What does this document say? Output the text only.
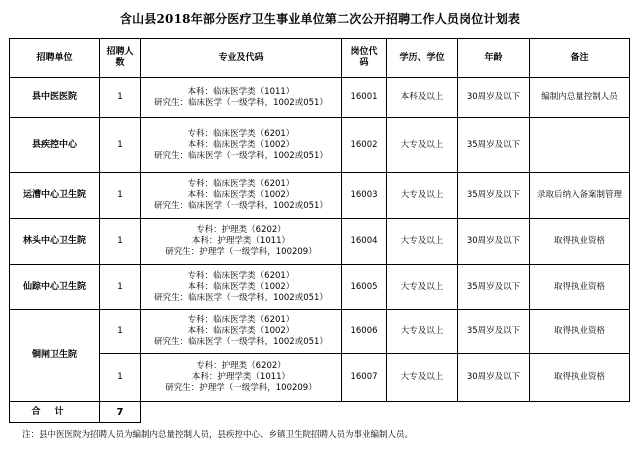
含山县2018年部分医疗卫生事业单位第二次公开招聘工作人员岗位计划表
招聘单位	招聘人数	专业及代码	岗位代码	学历、学位	年龄	备注
县中医医院	1	本科：临床医学类（1011）
研究生：临床医学（一级学科，1002或051）	16001	本科及以上	30周岁及以下	编制内总量控制人员
县疾控中心	1	专科：临床医学类（6201）
本科：临床医学类（1002）
研究生：临床医学（一级学科，1002或051）	16002	大专及以上	35周岁及以下	
运漕中心卫生院	1	专科：临床医学类（6201）
本科：临床医学类（1002）
研究生：临床医学（一级学科，1002或051）	16003	大专及以上	35周岁及以下	录取后纳入备案制管理
林头中心卫生院	1	专科：护理类（6202）
本科：护理学类（1011）
研究生：护理学（一级学科，100209）	16004	大专及以上	30周岁及以下	取得执业资格
仙踪中心卫生院	1	专科：临床医学类（6201）
本科：临床医学类（1002）
研究生：临床医学（一级学科，1002或051）	16005	大专及以上	35周岁及以下	取得执业资格
铜闸卫生院	1	专科：临床医学类（6201）
本科：临床医学类（1002）
研究生：临床医学（一级学科，1002或051）	16006	大专及以上	35周岁及以下	取得执业资格
	1	专科：护理类（6202）
本科：护理学类（1011）
研究生：护理学（一级学科，100209）	16007	大专及以上	30周岁及以下	取得执业资格
合计	7					
注：县中医医院为招聘人员为编制内总量控制人员，县疾控中心、乡镇卫生院招聘人员为事业编制人员。
